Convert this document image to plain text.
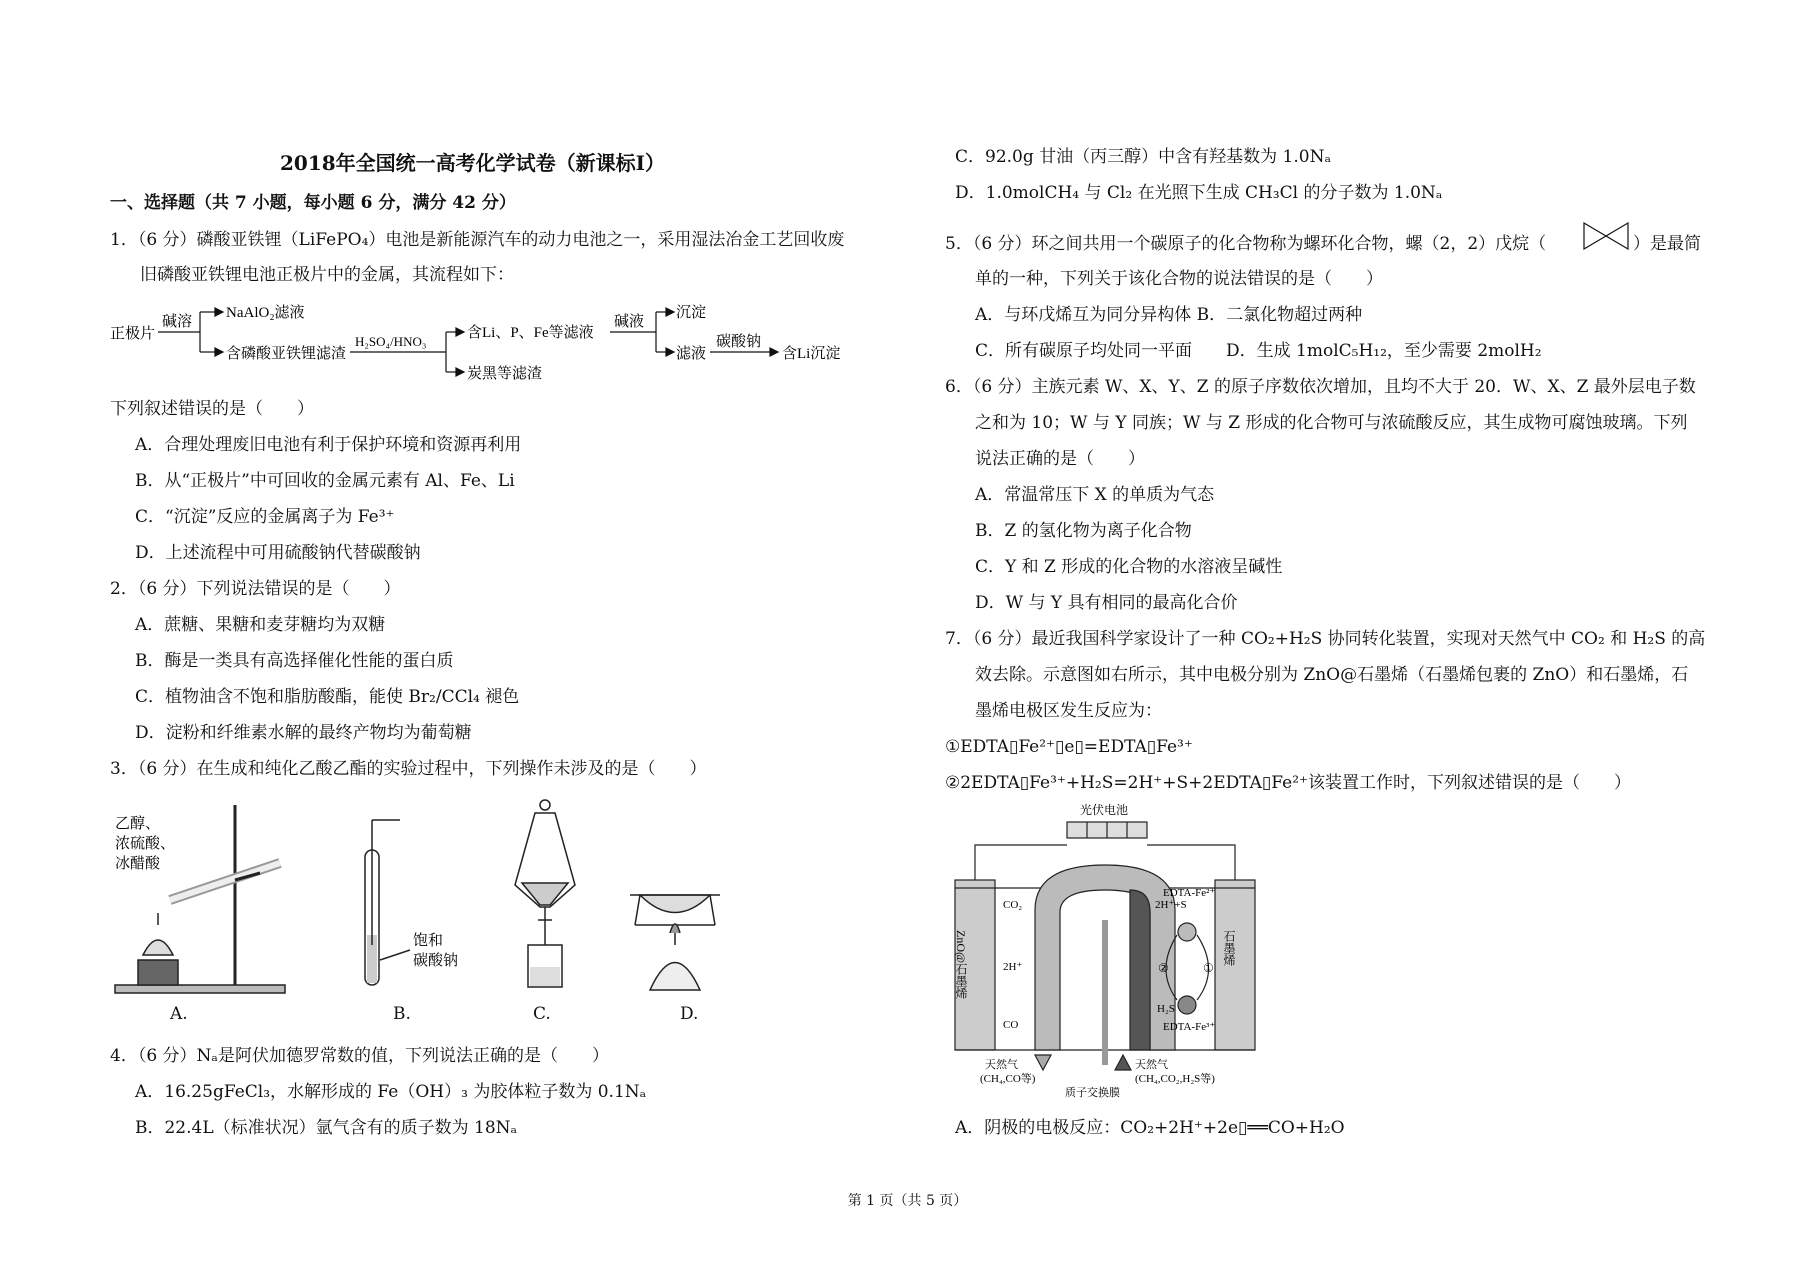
2018年全国统一高考化学试卷（新课标Ⅰ）
一、选择题（共 7 小题，每小题 6 分，满分 42 分）
1．（6 分）磷酸亚铁锂（LiFePO₄）电池是新能源汽车的动力电池之一，采用湿法冶金工艺回收废
旧磷酸亚铁锂电池正极片中的金属，其流程如下：
正极片
碱溶
NaAlO₂滤液
含磷酸亚铁锂滤渣
H₂SO₄/HNO₃
含Li、P、Fe等滤液
炭黑等滤渣
碱液
沉淀
滤液
碳酸钠
含Li沉淀
下列叙述错误的是（　　）
A．合理处理废旧电池有利于保护环境和资源再利用
B．从“正极片”中可回收的金属元素有 Al、Fe、Li
C．“沉淀”反应的金属离子为 Fe³⁺
D．上述流程中可用硫酸钠代替碳酸钠
2．（6 分）下列说法错误的是（　　）
A．蔗糖、果糖和麦芽糖均为双糖
B．酶是一类具有高选择催化性能的蛋白质
C．植物油含不饱和脂肪酸酯，能使 Br₂/CCl₄ 褪色
D．淀粉和纤维素水解的最终产物均为葡萄糖
3．（6 分）在生成和纯化乙酸乙酯的实验过程中，下列操作未涉及的是（　　）
乙醇、
浓硫酸、
冰醋酸
饱和
碳酸钠
A.	B.	C.	D.
4．（6 分）Nₐ是阿伏加德罗常数的值，下列说法正确的是（　　）
A．16.25gFeCl₃，水解形成的 Fe（OH）₃ 为胶体粒子数为 0.1Nₐ
B．22.4L（标准状况）氩气含有的质子数为 18Nₐ
C．92.0g 甘油（丙三醇）中含有羟基数为 1.0Nₐ
D．1.0molCH₄ 与 Cl₂ 在光照下生成 CH₃Cl 的分子数为 1.0Nₐ
5．（6 分）环之间共用一个碳原子的化合物称为螺环化合物，螺（2，2）戊烷（	）是最简
单的一种，下列关于该化合物的说法错误的是（　　）
A．与环戊烯互为同分异构体 B．二氯化物超过两种
C．所有碳原子均处同一平面　　D．生成 1molC₅H₁₂，至少需要 2molH₂
6．（6 分）主族元素 W、X、Y、Z 的原子序数依次增加，且均不大于 20．W、X、Z 最外层电子数
之和为 10；W 与 Y 同族；W 与 Z 形成的化合物可与浓硫酸反应，其生成物可腐蚀玻璃。下列
说法正确的是（　　）
A．常温常压下 X 的单质为气态
B．Z 的氢化物为离子化合物
C．Y 和 Z 形成的化合物的水溶液呈碱性
D．W 与 Y 具有相同的最高化合价
7．（6 分）最近我国科学家设计了一种 CO₂+H₂S 协同转化装置，实现对天然气中 CO₂ 和 H₂S 的高
效去除。示意图如右所示，其中电极分别为 ZnO@石墨烯（石墨烯包裹的 ZnO）和石墨烯，石
墨烯电极区发生反应为：
①EDTA▯Fe²⁺▯e▯=EDTA▯Fe³⁺
②2EDTA▯Fe³⁺+H₂S=2H⁺+S+2EDTA▯Fe²⁺该装置工作时，下列叙述错误的是（　　）
光伏电池
ZnO@石墨烯	石墨烯
CO₂
2H⁺
CO
2H⁺+S
EDTA-Fe²⁺
EDTA-Fe³⁺
H₂S
②	①
天然气
(CH₄,CO等)
天然气
(CH₄,CO₂,H₂S等)
质子交换膜
A．阴极的电极反应：CO₂+2H⁺+2e▯══CO+H₂O
第 1 页（共 5 页）
